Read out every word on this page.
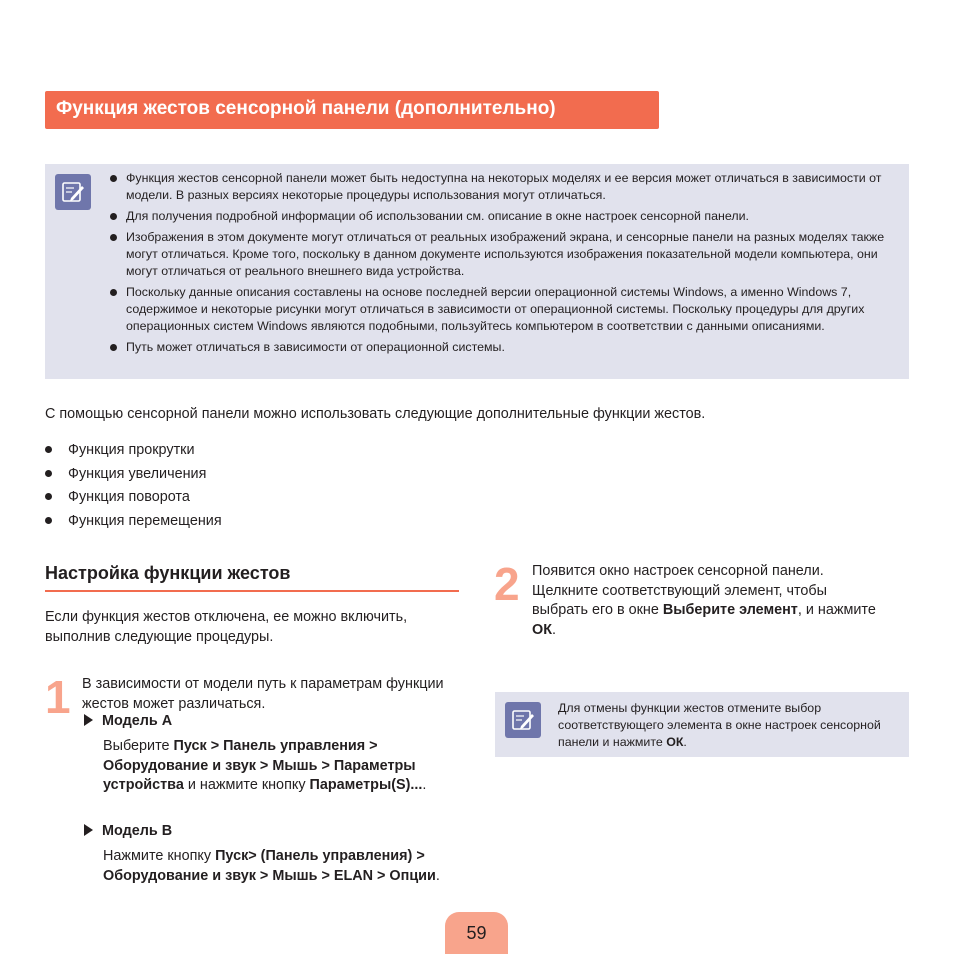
Функция жестов сенсорной панели (дополнительно)
Функция жестов сенсорной панели может быть недоступна на некоторых моделях и ее версия может отличаться в зависимости от модели. В разных версиях некоторые процедуры использования могут отличаться.
Для получения подробной информации об использовании см. описание в окне настроек сенсорной панели.
Изображения в этом документе могут отличаться от реальных изображений экрана, и сенсорные панели на разных моделях также могут отличаться. Кроме того, поскольку в данном документе используются изображения показательной модели компьютера, они могут отличаться от реального внешнего вида устройства.
Поскольку данные описания составлены на основе последней версии операционной системы Windows, а именно Windows 7, содержимое и некоторые рисунки могут отличаться в зависимости от операционной системы. Поскольку процедуры для других операционных систем Windows являются подобными, пользуйтесь компьютером в соответствии с данными описаниями.
Путь может отличаться в зависимости от операционной системы.
С помощью сенсорной панели можно использовать следующие дополнительные функции жестов.
Функция прокрутки
Функция увеличения
Функция поворота
Функция перемещения
Настройка функции жестов
Если функция жестов отключена, ее можно включить, выполнив следующие процедуры.
1 В зависимости от модели путь к параметрам функции жестов может различаться.
Модель А
Выберите Пуск > Панель управления > Оборудование и звук > Мышь > Параметры устройства и нажмите кнопку Параметры(S)....
Модель B
Нажмите кнопку Пуск> (Панель управления) > Оборудование и звук > Мышь > ELAN > Опции.
2 Появится окно настроек сенсорной панели. Щелкните соответствующий элемент, чтобы выбрать его в окне Выберите элемент, и нажмите ОК.
Для отмены функции жестов отмените выбор соответствующего элемента в окне настроек сенсорной панели и нажмите ОК.
59
